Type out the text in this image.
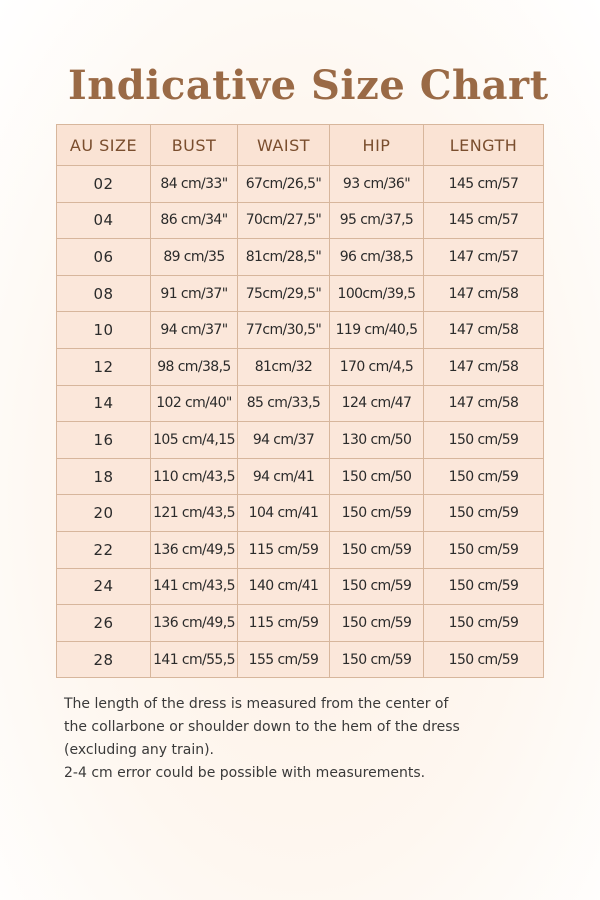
Indicative Size Chart
AU SIZE	BUST	WAIST	HIP	LENGTH
02	84 cm/33"	67cm/26,5"	93 cm/36"	145 cm/57
04	86 cm/34"	70cm/27,5"	95 cm/37,5	145 cm/57
06	89 cm/35	81cm/28,5"	96 cm/38,5	147 cm/57
08	91 cm/37"	75cm/29,5"	100cm/39,5	147 cm/58
10	94 cm/37"	77cm/30,5"	119 cm/40,5	147 cm/58
12	98 cm/38,5	81cm/32	170 cm/4,5	147 cm/58
14	102 cm/40"	85 cm/33,5	124 cm/47	147 cm/58
16	105 cm/4,15	94 cm/37	130 cm/50	150 cm/59
18	110 cm/43,5	94 cm/41	150 cm/50	150 cm/59
20	121 cm/43,5	104 cm/41	150 cm/59	150 cm/59
22	136 cm/49,5	115 cm/59	150 cm/59	150 cm/59
24	141 cm/43,5	140 cm/41	150 cm/59	150 cm/59
26	136 cm/49,5	115 cm/59	150 cm/59	150 cm/59
28	141 cm/55,5	155 cm/59	150 cm/59	150 cm/59

The length of the dress is measured from the center of

the collarbone or shoulder down to the hem of the dress

(excluding any train).

2-4 cm error could be possible with measurements.
